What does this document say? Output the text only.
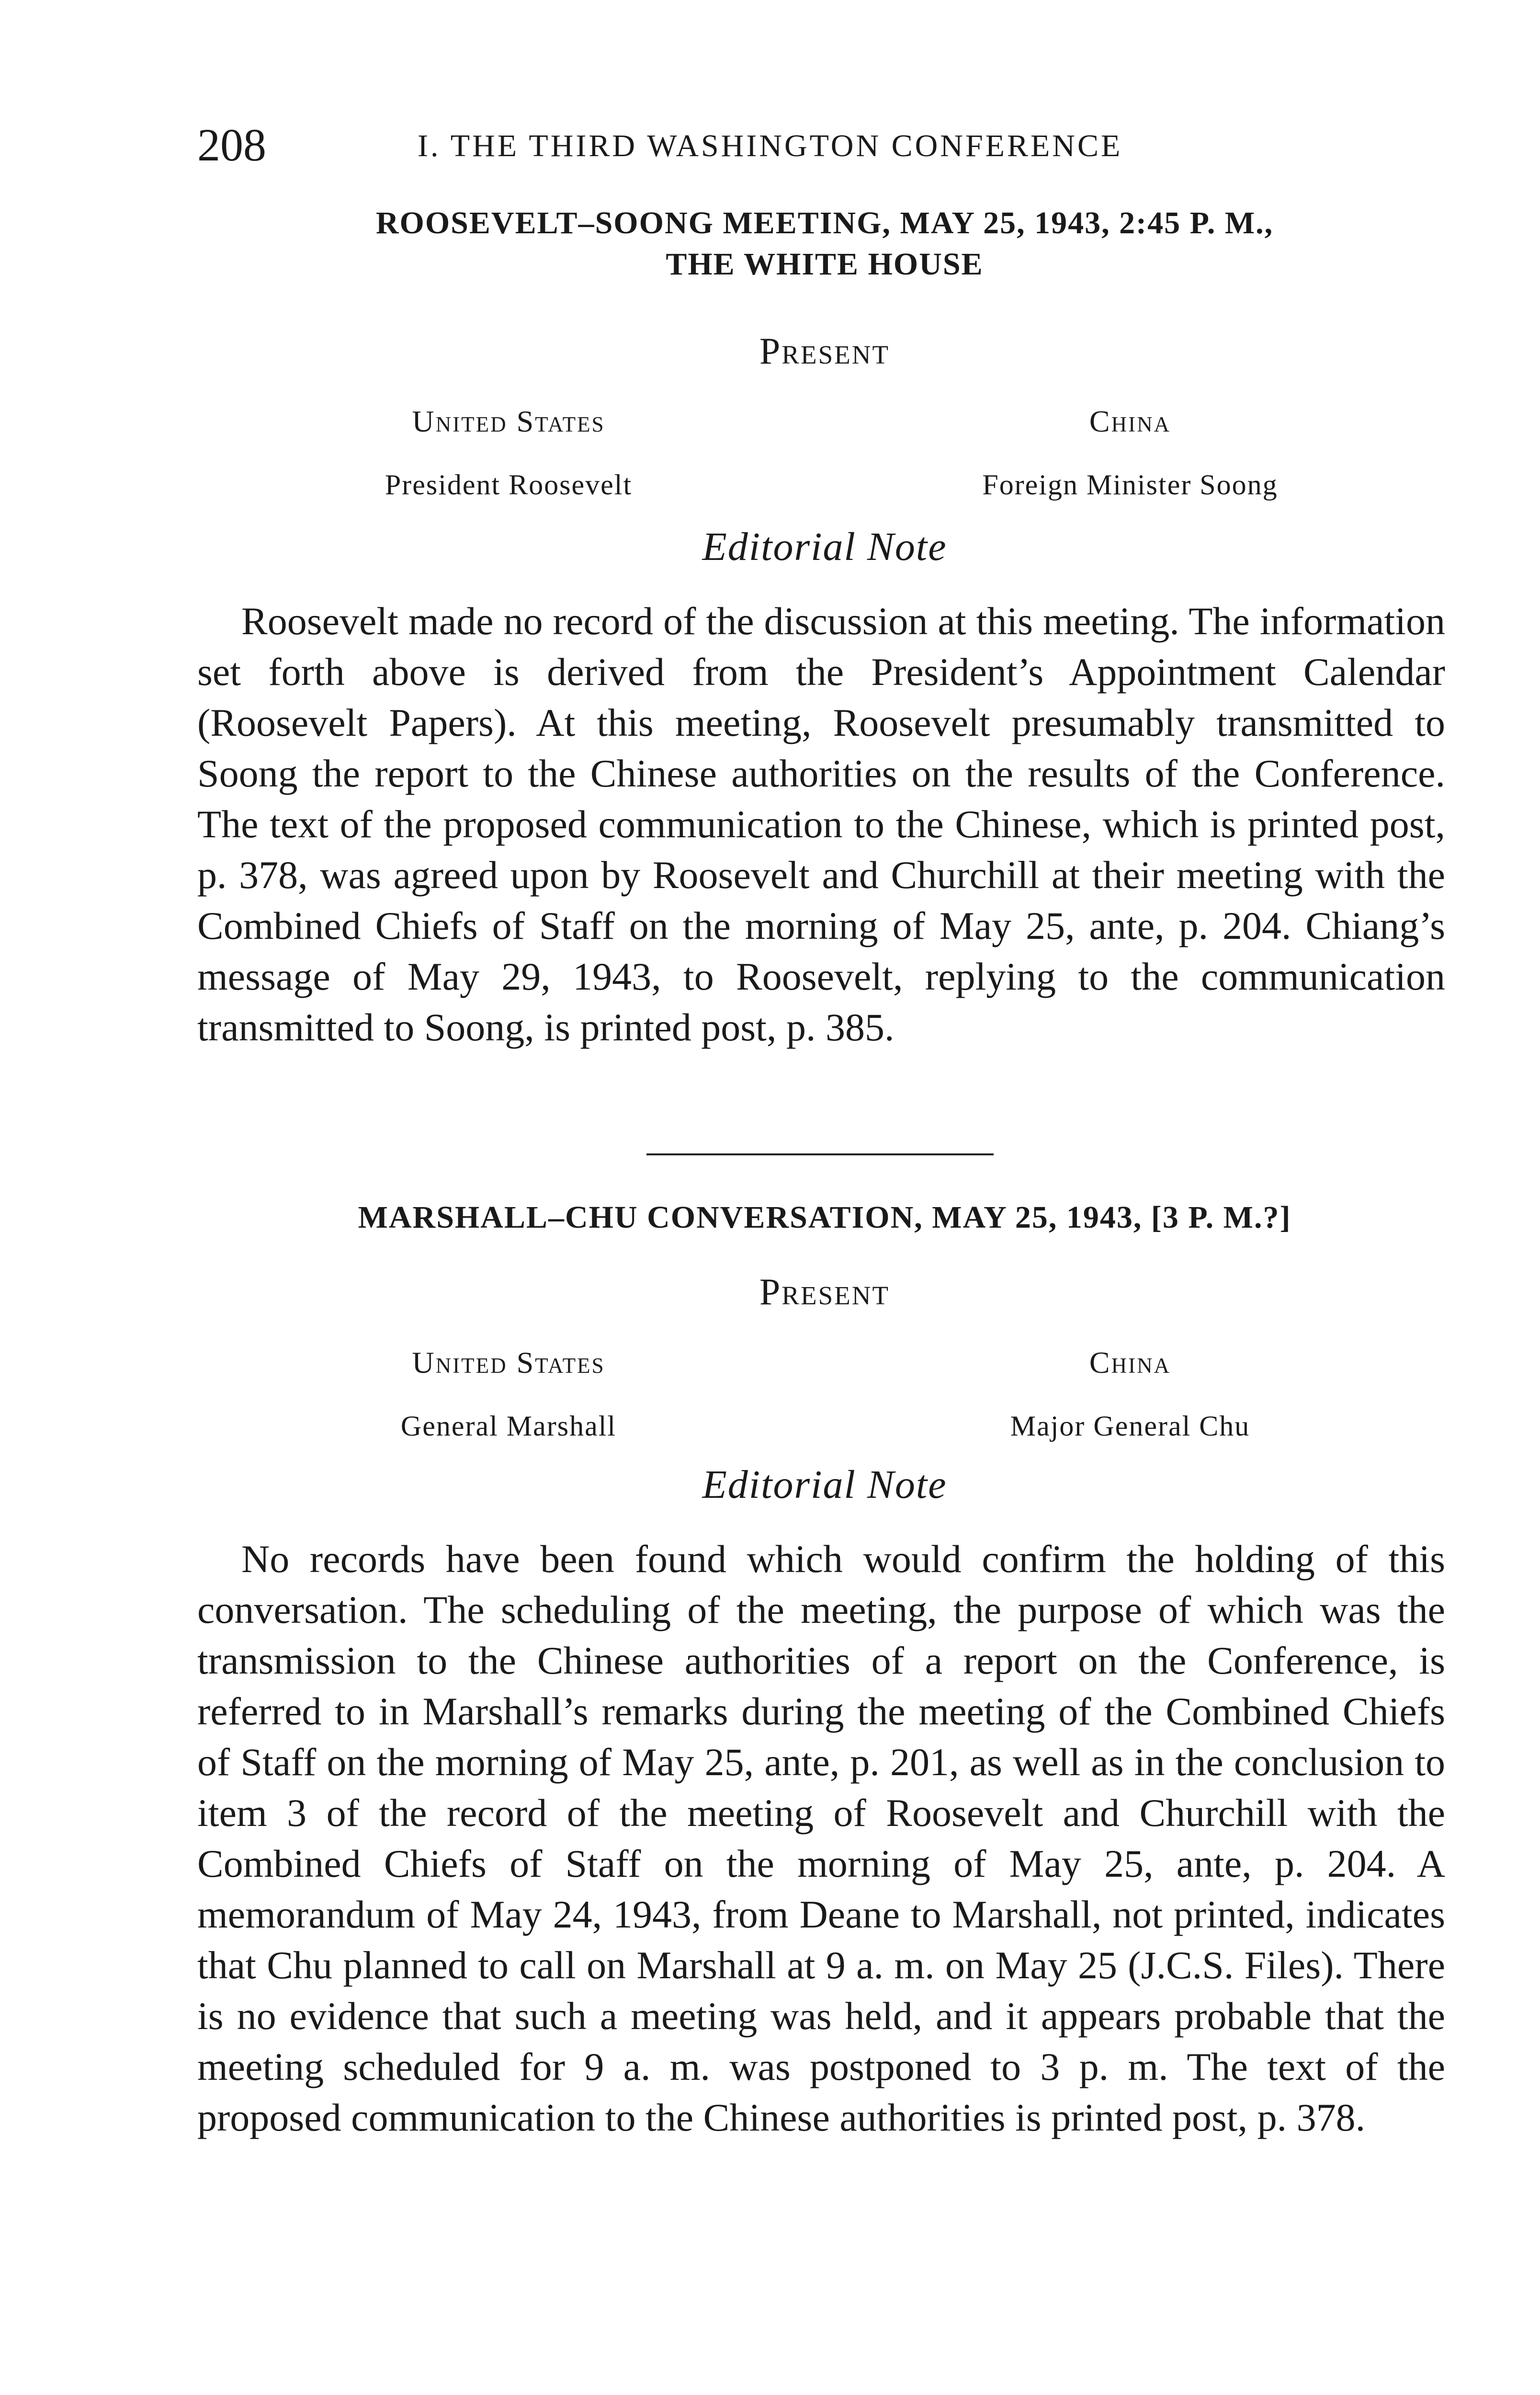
208	I. THE THIRD WASHINGTON CONFERENCE
ROOSEVELT–SOONG MEETING, MAY 25, 1943, 2:45 P. M.,
THE WHITE HOUSE
Present
United States
President Roosevelt
China
Foreign Minister Soong
Editorial Note

Roosevelt made no record of the discussion at this meeting. The information set forth above is derived from the President’s Appointment Calendar (Roosevelt Papers). At this meeting, Roosevelt presumably transmitted to Soong the report to the Chinese authorities on the results of the Conference. The text of the proposed communication to the Chinese, which is printed post, p. 378, was agreed upon by Roosevelt and Churchill at their meeting with the Combined Chiefs of Staff on the morning of May 25, ante, p. 204. Chiang’s message of May 29, 1943, to Roosevelt, replying to the communication transmitted to Soong, is printed post, p. 385.

MARSHALL–CHU CONVERSATION, MAY 25, 1943, [3 P. M.?]
Present
United States
General Marshall
China
Major General Chu
Editorial Note

No records have been found which would confirm the holding of this conversation. The scheduling of the meeting, the purpose of which was the transmission to the Chinese authorities of a report on the Conference, is referred to in Marshall’s remarks during the meeting of the Combined Chiefs of Staff on the morning of May 25, ante, p. 201, as well as in the conclusion to item 3 of the record of the meeting of Roosevelt and Churchill with the Combined Chiefs of Staff on the morning of May 25, ante, p. 204. A memorandum of May 24, 1943, from Deane to Marshall, not printed, indicates that Chu planned to call on Marshall at 9 a. m. on May 25 (J.C.S. Files). There is no evidence that such a meeting was held, and it appears probable that the meeting scheduled for 9 a. m. was postponed to 3 p. m. The text of the proposed communication to the Chinese authorities is printed post, p. 378.
